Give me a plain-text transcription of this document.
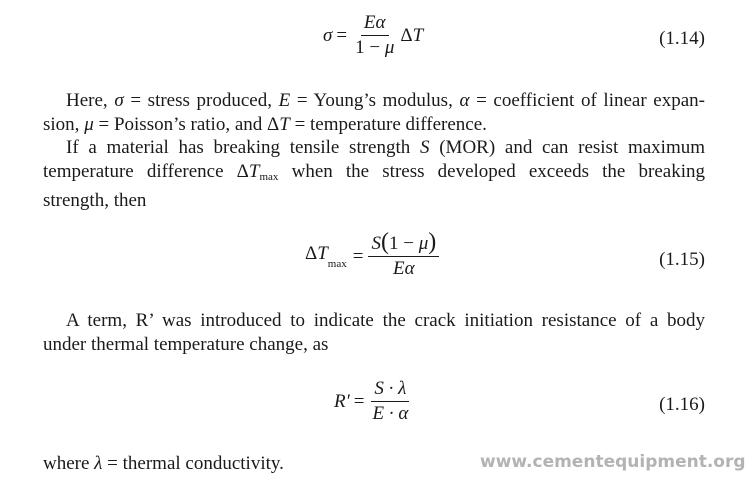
$\sigma = \frac{E\alpha}{1 - \mu}$ ΔT	(1.14)
Here, σ = stress produced, E = Young’s modulus, α = coefficient of linear expan-
sion, μ = Poisson’s ratio, and ΔT = temperature difference.
If a material has breaking tensile strength S (MOR) and can resist maximum
temperature difference $\Delta T_{max}$ when the stress developed exceeds the breaking
strength, then
$\Delta T_{max} = \frac{S(1 - \mu)}{E\alpha}$	(1.15)
A term, R’ was introduced to indicate the crack initiation resistance of a body
under thermal temperature change, as
$R' = \frac{S \cdot \lambda}{E \cdot \alpha}$	(1.16)
where λ = thermal conductivity.	www.cementequipment.org
